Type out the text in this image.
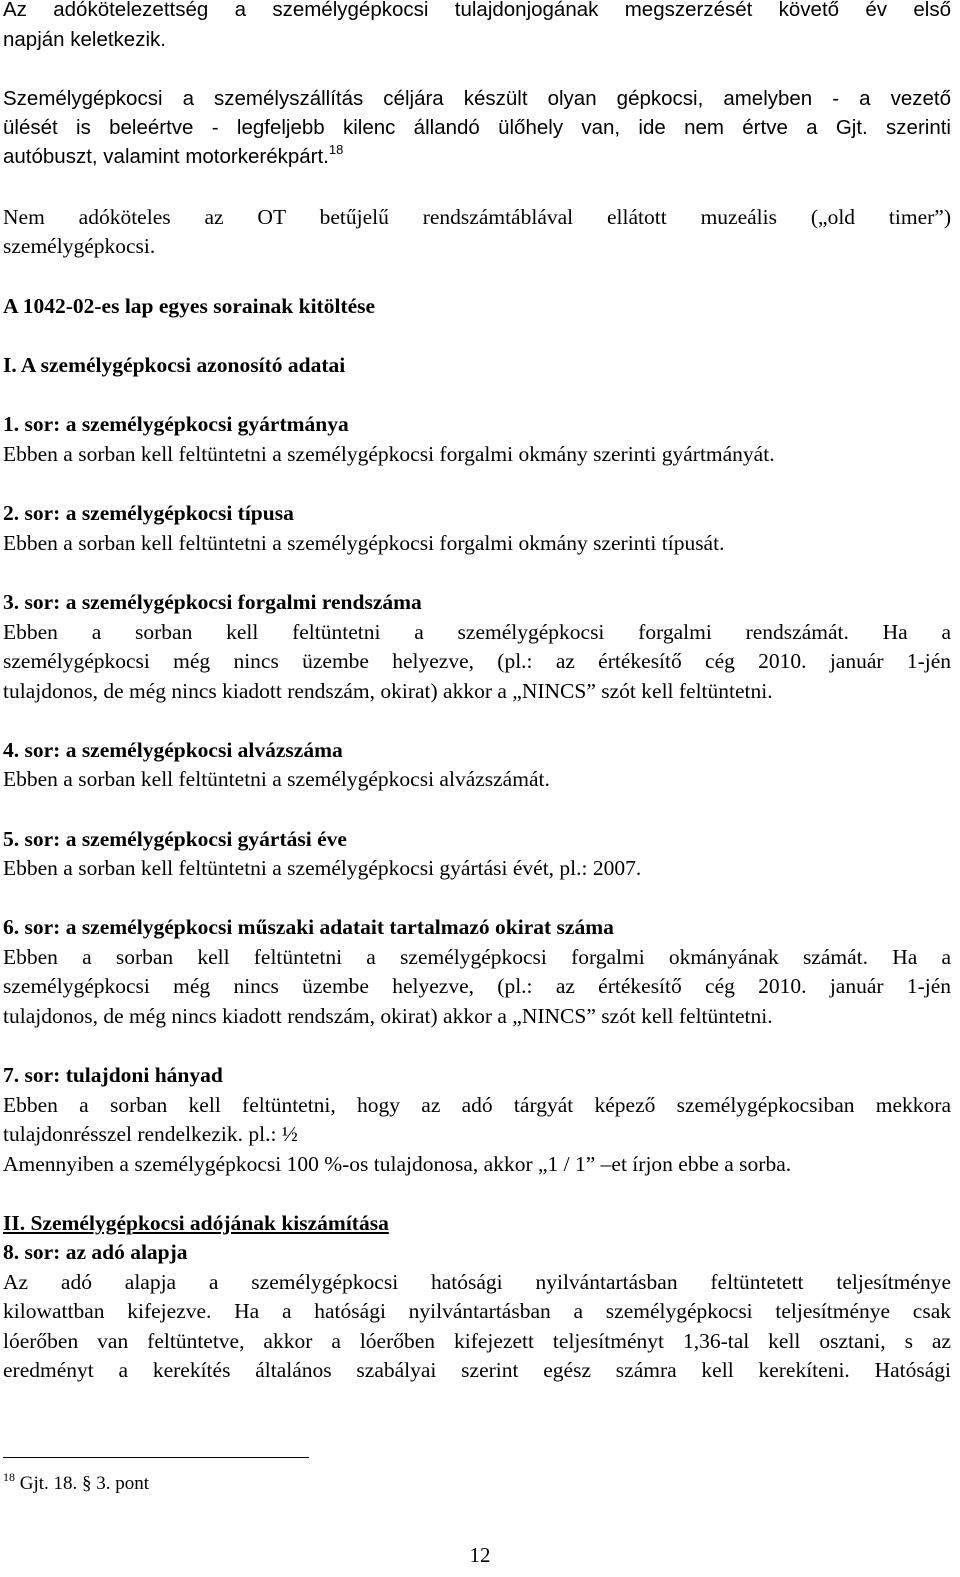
Az adókötelezettség a személygépkocsi tulajdonjogának megszerzését követő év első
napján keletkezik.
Személygépkocsi a személyszállítás céljára készült olyan gépkocsi, amelyben - a vezető
ülését is beleértve - legfeljebb kilenc állandó ülőhely van, ide nem értve a Gjt. szerinti
autóbuszt, valamint motorkerékpárt.$^{18}$
Nem adóköteles az OT betűjelű rendszámtáblával ellátott muzeális („old timer”)
személygépkocsi.
A 1042-02-es lap egyes sorainak kitöltése
I. A személygépkocsi azonosító adatai
1. sor: a személygépkocsi gyártmánya
Ebben a sorban kell feltüntetni a személygépkocsi forgalmi okmány szerinti gyártmányát.
2. sor: a személygépkocsi típusa
Ebben a sorban kell feltüntetni a személygépkocsi forgalmi okmány szerinti típusát.
3. sor: a személygépkocsi forgalmi rendszáma
Ebben a sorban kell feltüntetni a személygépkocsi forgalmi rendszámát. Ha a
személygépkocsi még nincs üzembe helyezve, (pl.: az értékesítő cég 2010. január 1-jén
tulajdonos, de még nincs kiadott rendszám, okirat) akkor a „NINCS” szót kell feltüntetni.
4. sor: a személygépkocsi alvázszáma
Ebben a sorban kell feltüntetni a személygépkocsi alvázszámát.
5. sor: a személygépkocsi gyártási éve
Ebben a sorban kell feltüntetni a személygépkocsi gyártási évét, pl.: 2007.
6. sor: a személygépkocsi műszaki adatait tartalmazó okirat száma
Ebben a sorban kell feltüntetni a személygépkocsi forgalmi okmányának számát. Ha a
személygépkocsi még nincs üzembe helyezve, (pl.: az értékesítő cég 2010. január 1-jén
tulajdonos, de még nincs kiadott rendszám, okirat) akkor a „NINCS” szót kell feltüntetni.
7. sor: tulajdoni hányad
Ebben a sorban kell feltüntetni, hogy az adó tárgyát képező személygépkocsiban mekkora
tulajdonrésszel rendelkezik. pl.: ½
Amennyiben a személygépkocsi 100 %-os tulajdonosa, akkor „1 / 1” –et írjon ebbe a sorba.
II. Személygépkocsi adójának kiszámítása
8. sor: az adó alapja
Az adó alapja a személygépkocsi hatósági nyilvántartásban feltüntetett teljesítménye
kilowattban kifejezve. Ha a hatósági nyilvántartásban a személygépkocsi teljesítménye csak
lóerőben van feltüntetve, akkor a lóerőben kifejezett teljesítményt 1,36-tal kell osztani, s az
eredményt a kerekítés általános szabályai szerint egész számra kell kerekíteni. Hatósági
$^{18}$ Gjt. 18. § 3. pont
12
